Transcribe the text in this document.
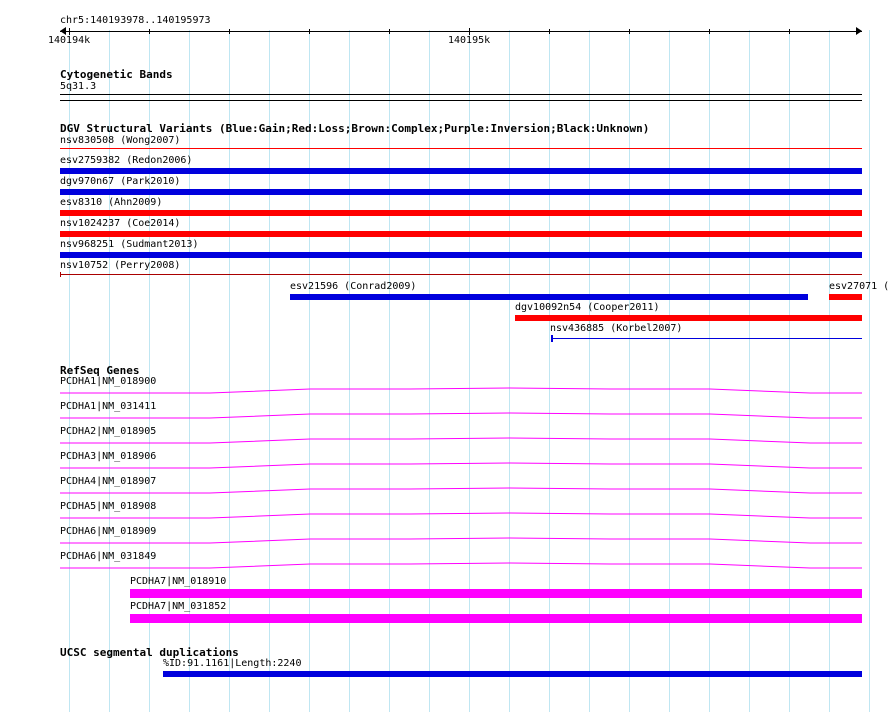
chr5:140193978..140195973
140194k	140195k
Cytogenetic Bands
5q31.3
DGV Structural Variants (Blue:Gain;Red:Loss;Brown:Complex;Purple:Inversion;Black:Unknown)
nsv830508 (Wong2007)
esv2759382 (Redon2006)
dgv970n67 (Park2010)
esv8310 (Ahn2009)
nsv1024237 (Coe2014)
nsv968251 (Sudmant2013)
nsv10752 (Perry2008)
esv21596 (Conrad2009)	esv27071 (
dgv10092n54 (Cooper2011)
nsv436885 (Korbel2007)
RefSeq Genes
PCDHA1|NM_018900
PCDHA1|NM_031411
PCDHA2|NM_018905
PCDHA3|NM_018906
PCDHA4|NM_018907
PCDHA5|NM_018908
PCDHA6|NM_018909
PCDHA6|NM_031849
PCDHA7|NM_018910
PCDHA7|NM_031852
UCSC segmental duplications
%ID:91.1161|Length:2240
